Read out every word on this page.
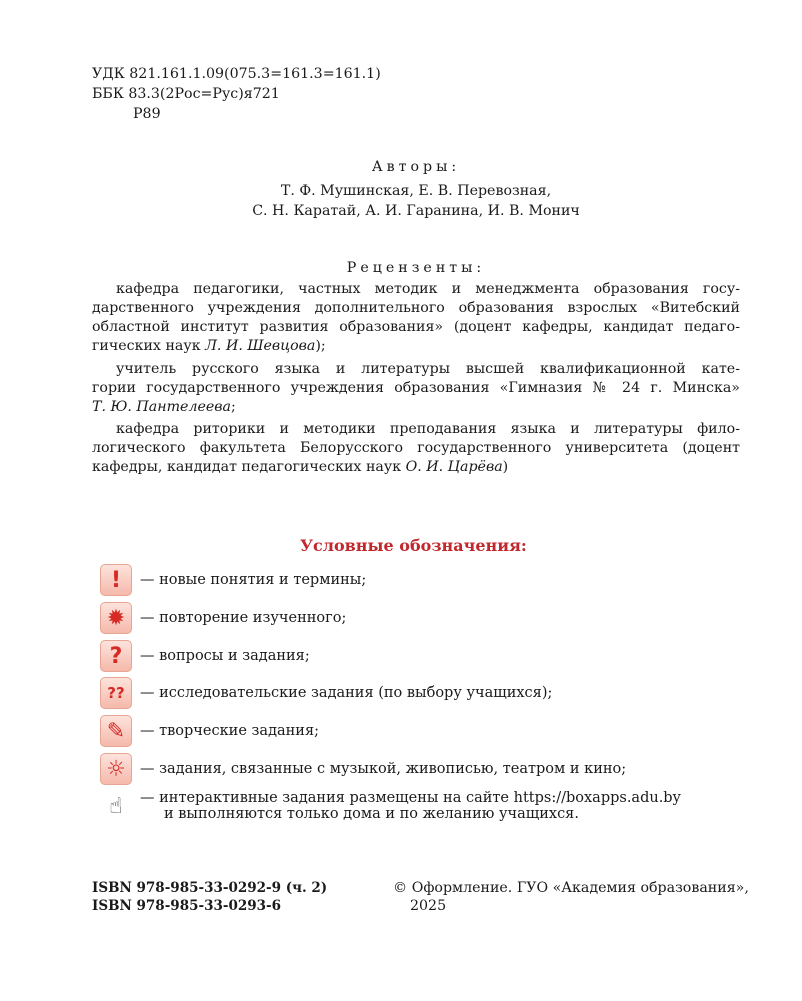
УДК 821.161.1.09(075.3=161.3=161.1)
ББК 83.3(2Рос=Рус)я721
Р89
Авторы:
Т. Ф. Мушинская, Е. В. Перевозная,
С. Н. Каратай, А. И. Гаранина, И. В. Монич
Рецензенты:
кафедра педагогики, частных методик и менеджмента образования госу-
дарственного учреждения дополнительного образования взрослых «Витебский
областной институт развития образования» (доцент кафедры, кандидат педаго-
гических наук Л. И. Шевцова);
учитель русского языка и литературы высшей квалификационной кате-
гории государственного учреждения образования «Гимназия № 24 г. Минска»
Т. Ю. Пантелеева;
кафедра риторики и методики преподавания языка и литературы фило-
логического факультета Белорусского государственного университета (доцент
кафедры, кандидат педагогических наук О. И. Царёва)
Условные обозначения:
!	— новые понятия и термины;
✹	— повторение изученного;
?	— вопросы и задания;
??	— исследовательские задания (по выбору учащихся);
✎	— творческие задания;
☼ — задания, связанные с музыкой, живописью, театром и кино;
☝	— интерактивные задания размещены на сайте https://boxapps.adu.by
и выполняются только дома и по желанию учащихся.
ISBN 978-985-33-0292-9 (ч. 2)
ISBN 978-985-33-0293-6
© Оформление. ГУО «Академия образования»,
2025
